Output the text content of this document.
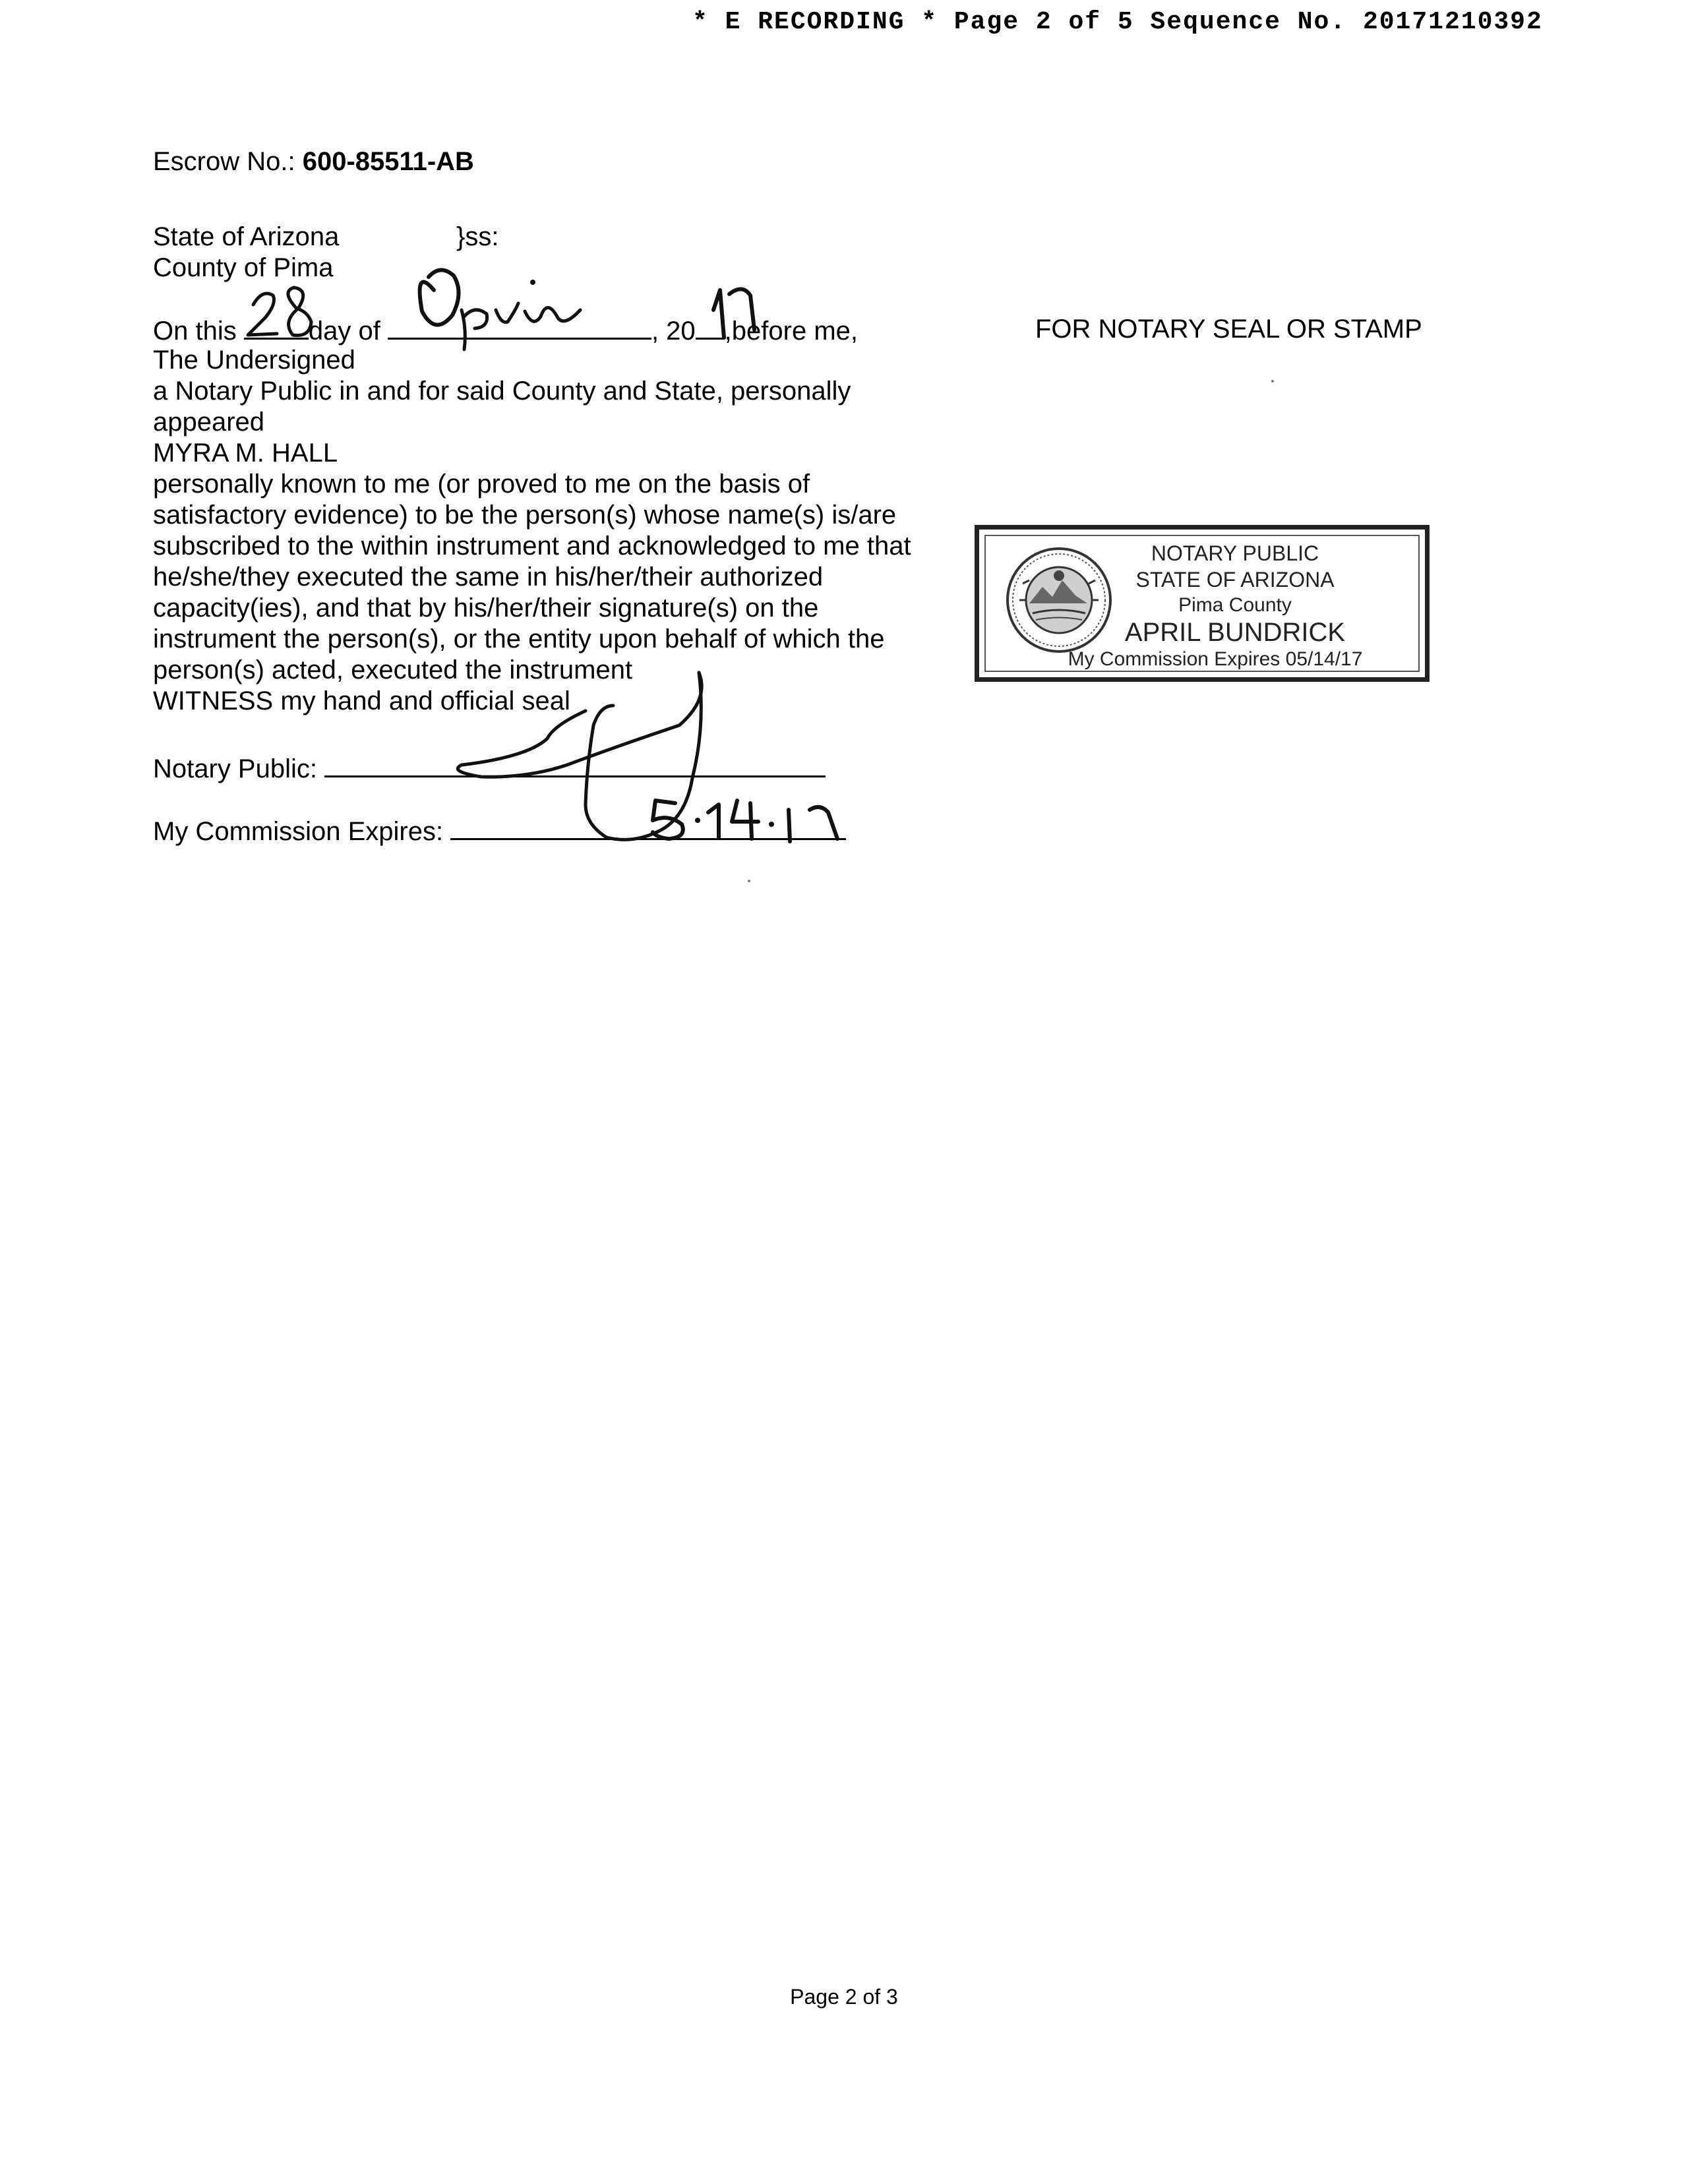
* E RECORDING * Page 2 of 5 Sequence No. 20171210392
Escrow No.: 600-85511-AB
State of Arizona	}ss:
County of Pima
On this	day of	, 20 ,before me,
The Undersigned
a Notary Public in and for said County and State, personally
appeared
MYRA M. HALL
personally known to me (or proved to me on the basis of
satisfactory evidence) to be the person(s) whose name(s) is/are
subscribed to the within instrument and acknowledged to me that
he/she/they executed the same in his/her/their authorized
capacity(ies), and that by his/her/their signature(s) on the
instrument the person(s), or the entity upon behalf of which the
person(s) acted, executed the instrument
WITNESS my hand and official seal
Notary Public:
My Commission Expires:
FOR NOTARY SEAL OR STAMP
NOTARY PUBLIC
STATE OF ARIZONA
Pima County
APRIL BUNDRICK
My Commission Expires 05/14/17
Page 2 of 3
